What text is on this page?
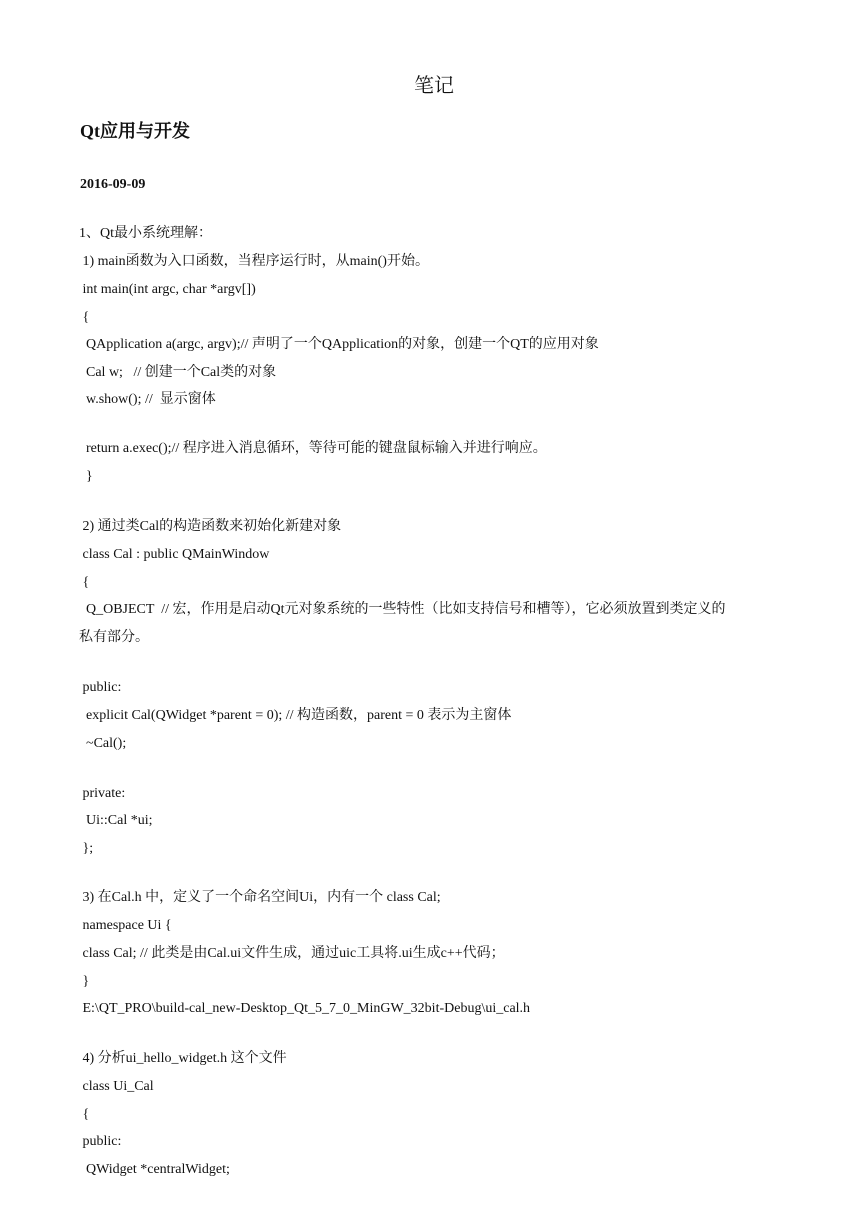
笔记
Qt应用与开发
2016-09-09

1、Qt最小系统理解：

1) main函数为入口函数，当程序运行时，从main()开始。

int main(int argc, char *argv[])

{

QApplication a(argc, argv);// 声明了一个QApplication的对象，创建一个QT的应用对象

Cal w;   // 创建一个Cal类的对象

w.show(); //  显示窗体

return a.exec();// 程序进入消息循环，等待可能的键盘鼠标输入并进行响应。

}

2) 通过类Cal的构造函数来初始化新建对象

class Cal : public QMainWindow

{

Q_OBJECT  // 宏，作用是启动Qt元对象系统的一些特性（比如支持信号和槽等），它必须放置到类定义的

私有部分。

public:

explicit Cal(QWidget *parent = 0); // 构造函数，parent = 0 表示为主窗体

~Cal();

private:

Ui::Cal *ui;

};

3) 在Cal.h 中，定义了一个命名空间Ui，内有一个 class Cal;

namespace Ui {

class Cal; // 此类是由Cal.ui文件生成，通过uic工具将.ui生成c++代码；

}

E:\QT_PRO\build-cal_new-Desktop_Qt_5_7_0_MinGW_32bit-Debug\ui_cal.h

4) 分析ui_hello_widget.h 这个文件

class Ui_Cal

{

public:

QWidget *centralWidget;
